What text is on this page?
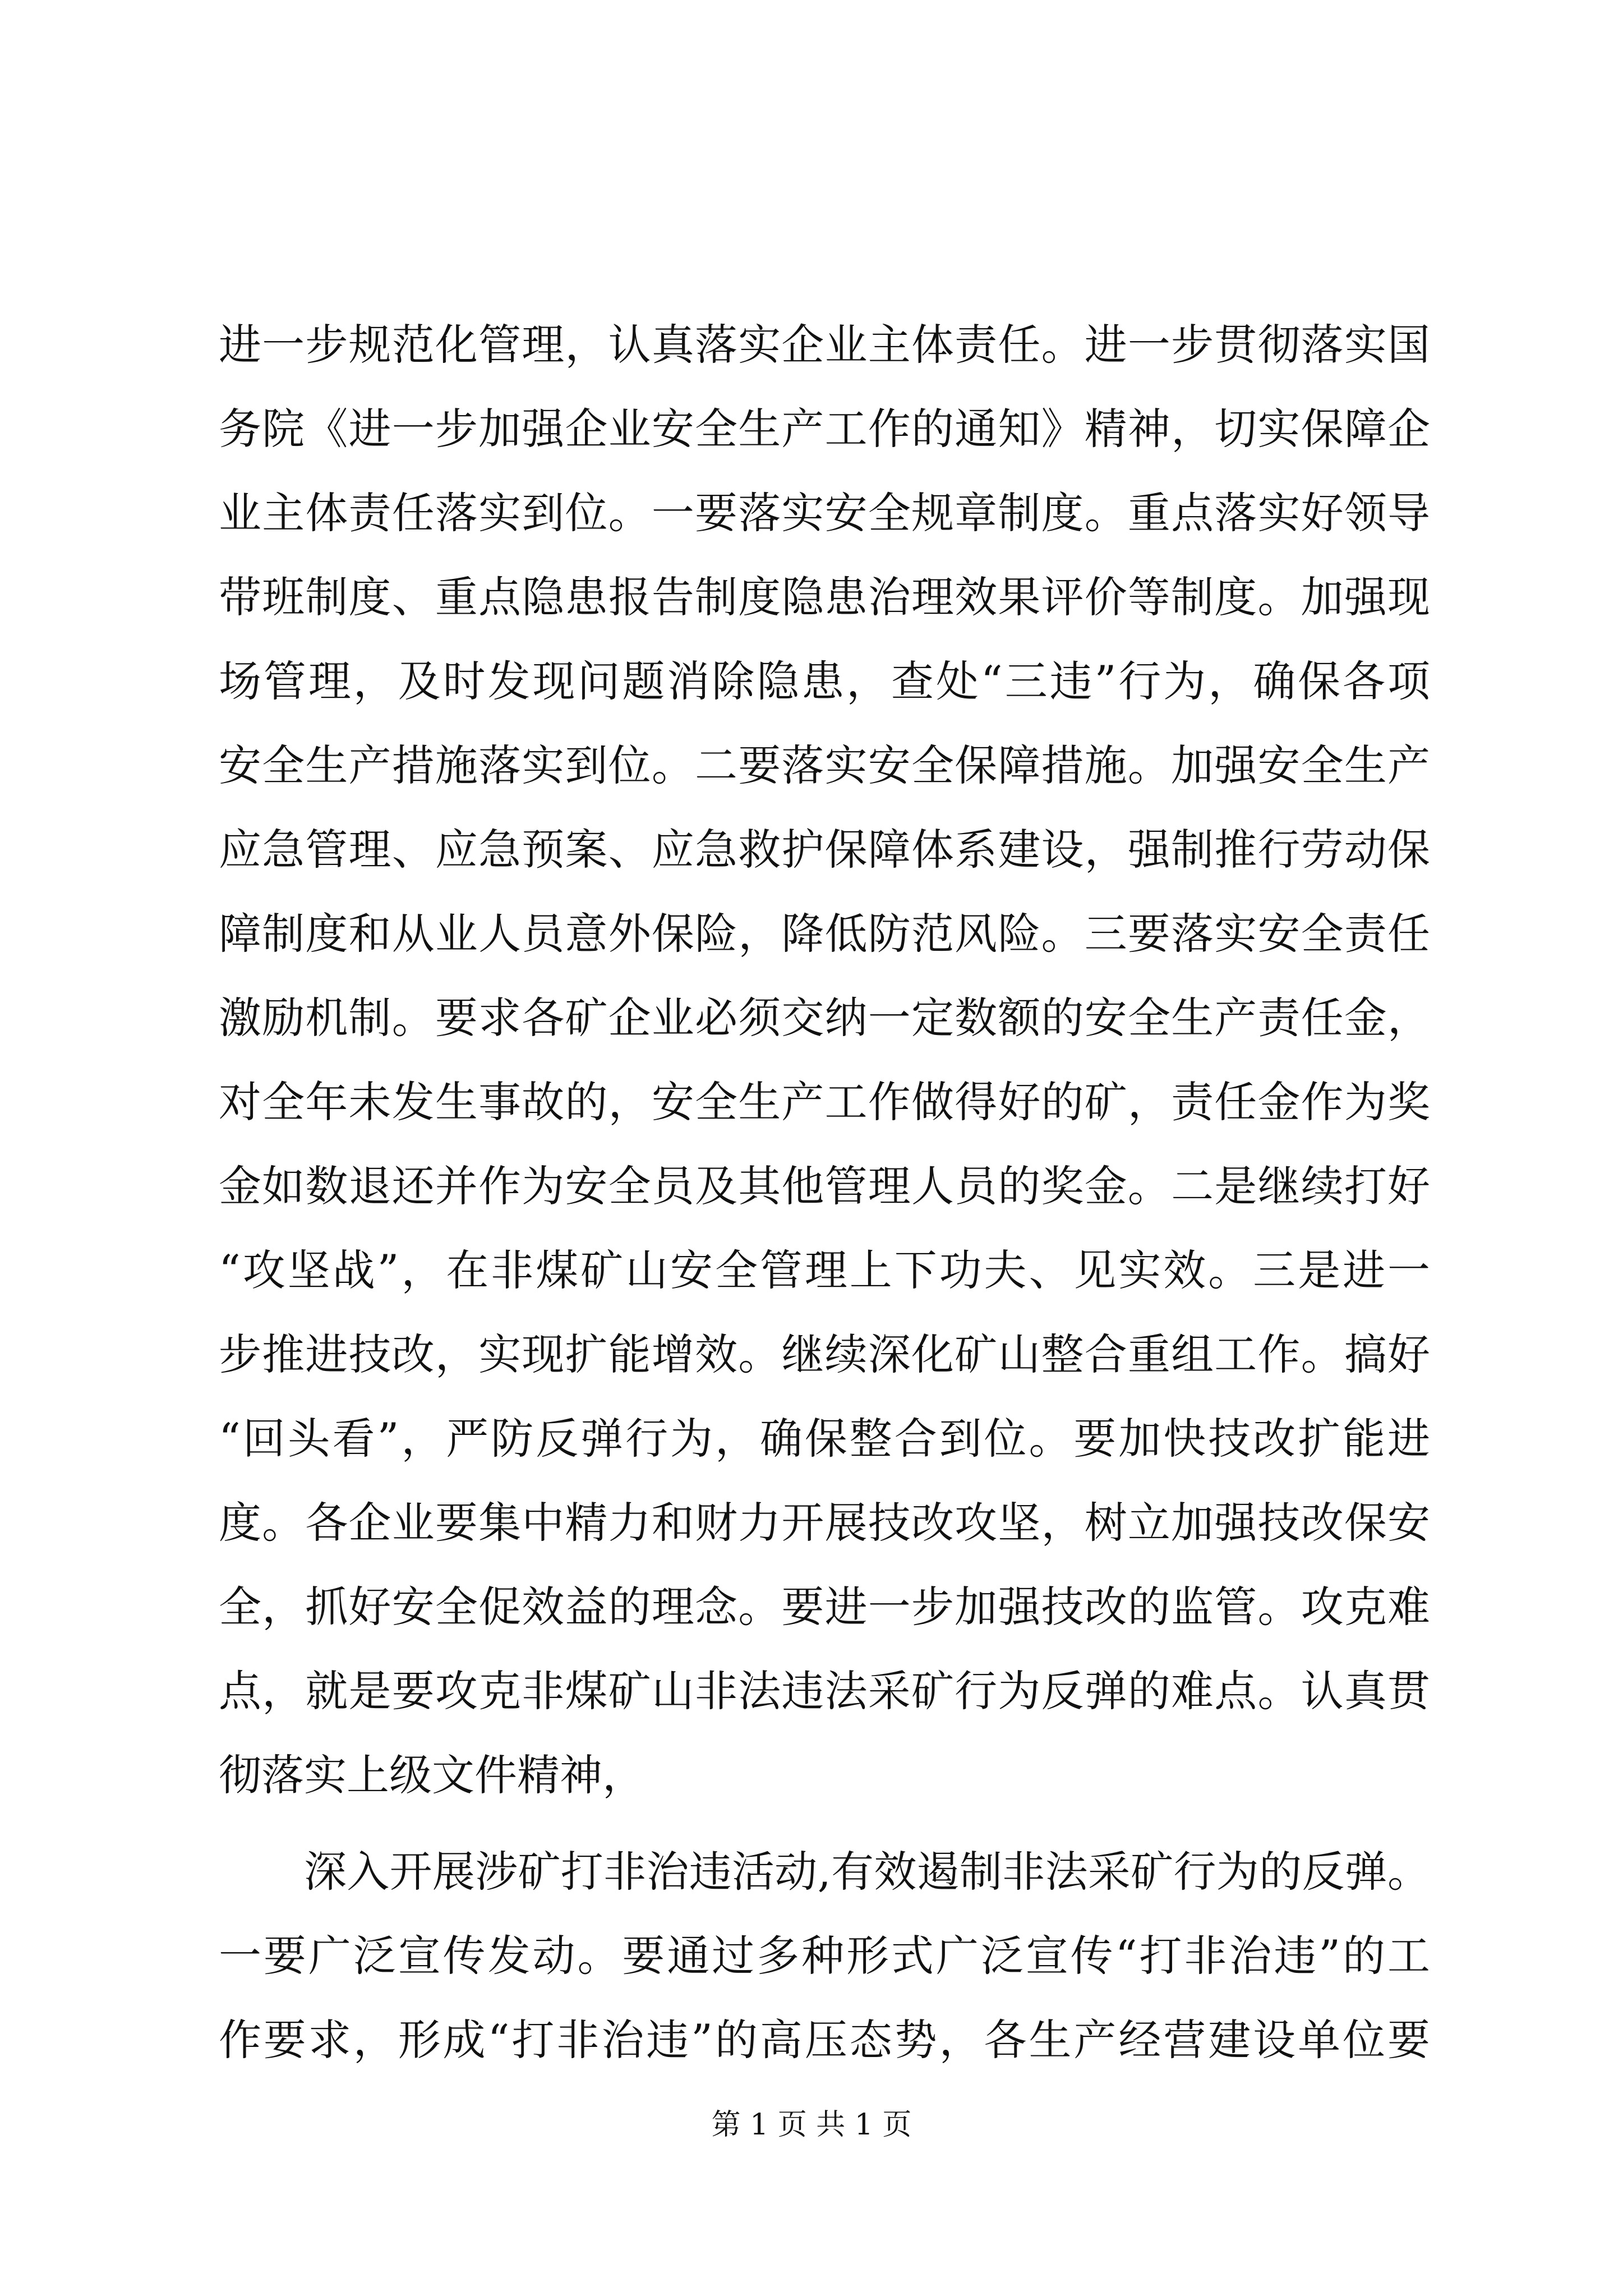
进一步规范化管理，认真落实企业主体责任。进一步贯彻落实国
务院《进一步加强企业安全生产工作的通知》精神，切实保障企
业主体责任落实到位。一要落实安全规章制度。重点落实好领导
带班制度、重点隐患报告制度隐患治理效果评价等制度。加强现
场管理，及时发现问题消除隐患，查处“三违”行为，确保各项
安全生产措施落实到位。二要落实安全保障措施。加强安全生产
应急管理、应急预案、应急救护保障体系建设，强制推行劳动保
障制度和从业人员意外保险，降低防范风险。三要落实安全责任
激励机制。要求各矿企业必须交纳一定数额的安全生产责任金，
对全年未发生事故的，安全生产工作做得好的矿，责任金作为奖
金如数退还并作为安全员及其他管理人员的奖金。二是继续打好
“攻坚战”，在非煤矿山安全管理上下功夫、见实效。三是进一
步推进技改，实现扩能增效。继续深化矿山整合重组工作。搞好
“回头看”，严防反弹行为，确保整合到位。要加快技改扩能进
度。各企业要集中精力和财力开展技改攻坚，树立加强技改保安
全，抓好安全促效益的理念。要进一步加强技改的监管。攻克难
点，就是要攻克非煤矿山非法违法采矿行为反弹的难点。认真贯
彻落实上级文件精神，
深入开展涉矿打非治违活动,有效遏制非法采矿行为的反弹。
一要广泛宣传发动。要通过多种形式广泛宣传“打非治违”的工
作要求，形成“打非治违”的高压态势，各生产经营建设单位要
第 1 页 共 1 页
